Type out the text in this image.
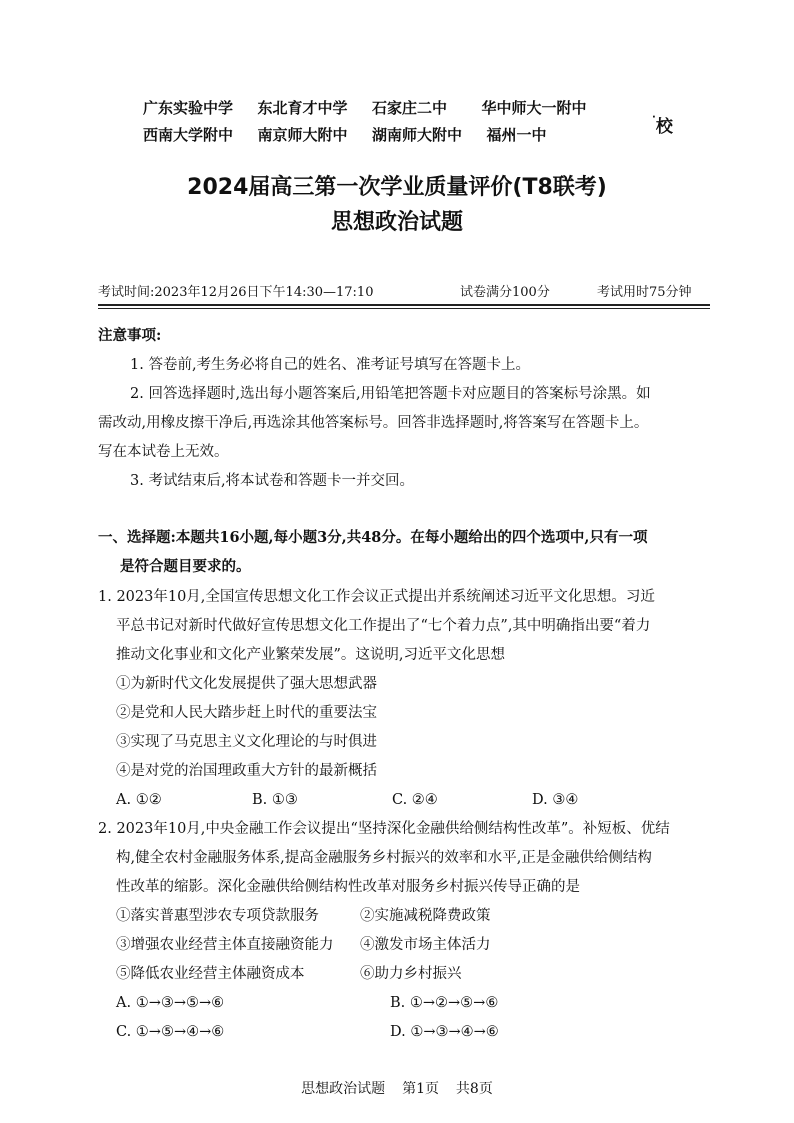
广东实验中学 东北育才中学 石家庄二中 华中师大一附中
西南大学附中 南京师大附中 湖南师大附中 福州一中
·校
2024届高三第一次学业质量评价(T8联考)
思想政治试题
考试时间:2023年12月26日下午14:30—17:10	试卷满分100分	考试用时75分钟
注意事项:
1. 答卷前,考生务必将自己的姓名、准考证号填写在答题卡上。
2. 回答选择题时,选出每小题答案后,用铅笔把答题卡对应题目的答案标号涂黑。如
需改动,用橡皮擦干净后,再选涂其他答案标号。回答非选择题时,将答案写在答题卡上。
写在本试卷上无效。
3. 考试结束后,将本试卷和答题卡一并交回。
一、选择题:本题共16小题,每小题3分,共48分。在每小题给出的四个选项中,只有一项
是符合题目要求的。
1. 2023年10月,全国宣传思想文化工作会议正式提出并系统阐述习近平文化思想。习近
平总书记对新时代做好宣传思想文化工作提出了“七个着力点”,其中明确指出要“着力
推动文化事业和文化产业繁荣发展”。这说明,习近平文化思想
①为新时代文化发展提供了强大思想武器
②是党和人民大踏步赶上时代的重要法宝
③实现了马克思主义文化理论的与时俱进
④是对党的治国理政重大方针的最新概括
A. ①②	B. ①③	C. ②④	D. ③④
2. 2023年10月,中央金融工作会议提出“坚持深化金融供给侧结构性改革”。补短板、优结
构,健全农村金融服务体系,提高金融服务乡村振兴的效率和水平,正是金融供给侧结构
性改革的缩影。深化金融供给侧结构性改革对服务乡村振兴传导正确的是
①落实普惠型涉农专项贷款服务	②实施减税降费政策
③增强农业经营主体直接融资能力 ④激发市场主体活力
⑤降低农业经营主体融资成本	⑥助力乡村振兴
A. ①→③→⑤→⑥	B. ①→②→⑤→⑥
C. ①→⑤→④→⑥	D. ①→③→④→⑥
思想政治试题 第1页 共8页
